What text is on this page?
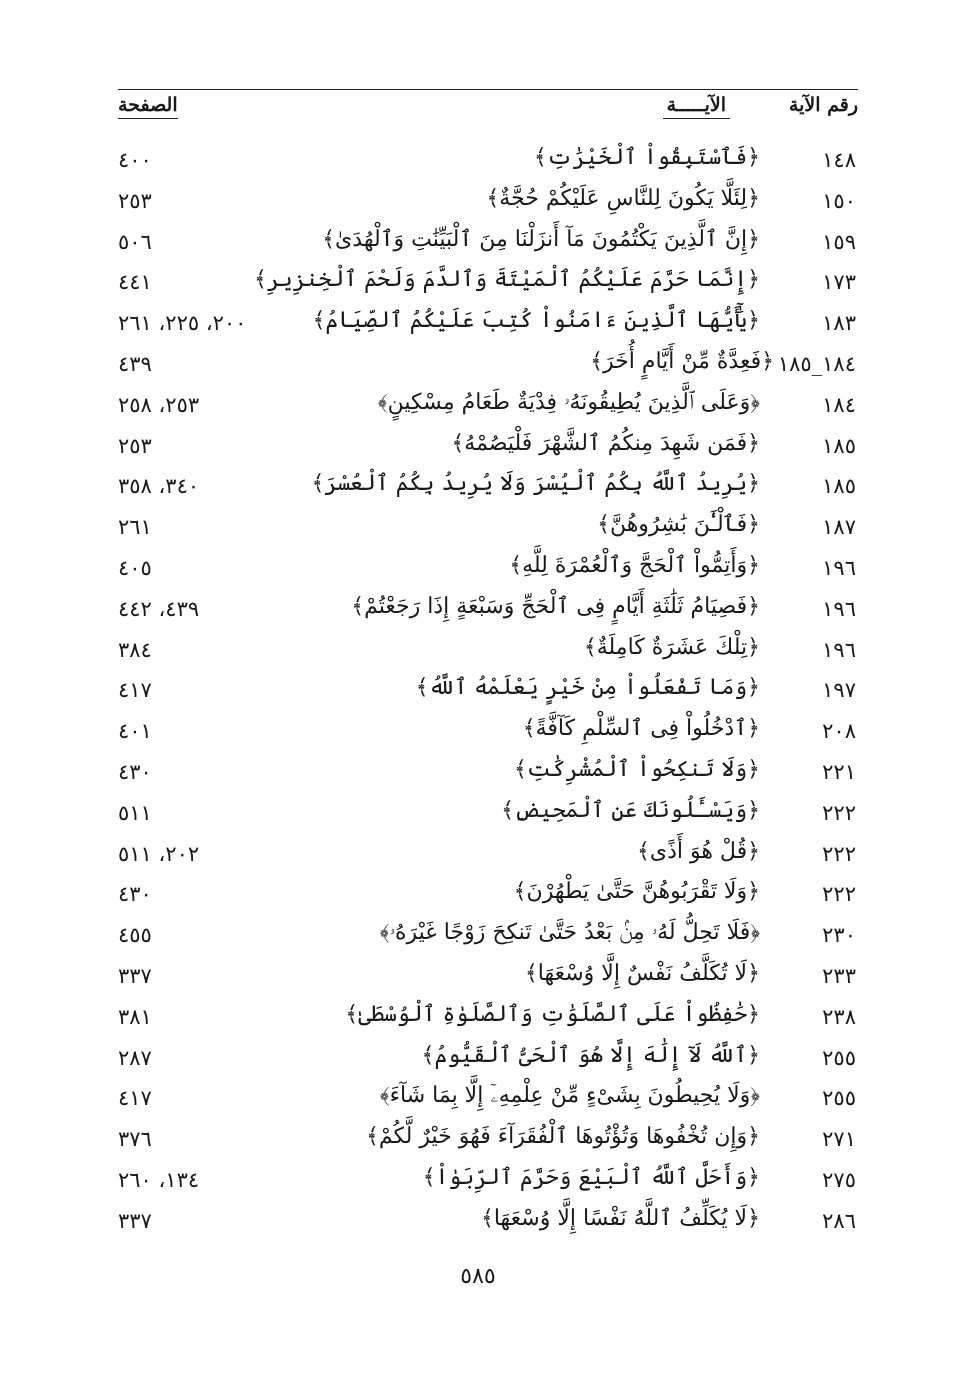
رقم الآية
الآيـــــة
الصفحة
١٤٨
﴿فَٱسْتَبِقُواْ ٱلْخَيْرَٰتِ﴾
٤٠٠
١٥٠
﴿لِئَلَّا يَكُونَ لِلنَّاسِ عَلَيْكُمْ حُجَّةٌ﴾
٢٥٣
١٥٩
﴿إِنَّ ٱلَّذِينَ يَكْتُمُونَ مَآ أَنزَلْنَا مِنَ ٱلْبَيِّنَٰتِ وَٱلْهُدَىٰ﴾
٥٠٦
١٧٣
﴿إِنَّمَا حَرَّمَ عَلَيْكُمُ ٱلْمَيْتَةَ وَٱلدَّمَ وَلَحْمَ ٱلْخِنزِيرِ﴾
٤٤١
١٨٣
﴿يَٰٓأَيُّهَا ٱلَّذِينَ ءَامَنُواْ كُتِبَ عَلَيْكُمُ ٱلصِّيَامُ﴾
٢٠٠، ٢٢٥، ٢٦١
١٨٤_١٨٥
﴿فَعِدَّةٌ مِّنْ أَيَّامٍ أُخَرَ﴾
٤٣٩
١٨٤
﴿وَعَلَى ٱلَّذِينَ يُطِيقُونَهُۥ فِدْيَةٌ طَعَامُ مِسْكِينٍ﴾
٢٥٣، ٢٥٨
١٨٥
﴿فَمَن شَهِدَ مِنكُمُ ٱلشَّهْرَ فَلْيَصُمْهُ﴾
٢٥٣
١٨٥
﴿يُرِيدُ ٱللَّهُ بِكُمُ ٱلْيُسْرَ وَلَا يُرِيدُ بِكُمُ ٱلْعُسْرَ﴾
٣٤٠، ٣٥٨
١٨٧
﴿فَٱلْـَٰٔنَ بَٰشِرُوهُنَّ﴾
٢٦١
١٩٦
﴿وَأَتِمُّواْ ٱلْحَجَّ وَٱلْعُمْرَةَ لِلَّهِ﴾
٤٠٥
١٩٦
﴿فَصِيَامُ ثَلَٰثَةِ أَيَّامٍ فِى ٱلْحَجِّ وَسَبْعَةٍ إِذَا رَجَعْتُمْ﴾
٤٣٩، ٤٤٢
١٩٦
﴿تِلْكَ عَشَرَةٌ كَامِلَةٌ﴾
٣٨٤
١٩٧
﴿وَمَا تَفْعَلُواْ مِنْ خَيْرٍ يَعْلَمْهُ ٱللَّهُ﴾
٤١٧
٢٠٨
﴿ٱدْخُلُواْ فِى ٱلسِّلْمِ كَآفَّةً﴾
٤٠١
٢٢١
﴿وَلَا تَنكِحُواْ ٱلْمُشْرِكَٰتِ﴾
٤٣٠
٢٢٢
﴿وَيَسْـَٔلُونَكَ عَنِ ٱلْمَحِيضِ﴾
٥١١
٢٢٢
﴿قُلْ هُوَ أَذًى﴾
٢٠٢، ٥١١
٢٢٢
﴿وَلَا تَقْرَبُوهُنَّ حَتَّىٰ يَطْهُرْنَ﴾
٤٣٠
٢٣٠
﴿فَلَا تَحِلُّ لَهُۥ مِنۢ بَعْدُ حَتَّىٰ تَنكِحَ زَوْجًا غَيْرَهُۥ﴾
٤٥٥
٢٣٣
﴿لَا تُكَلَّفُ نَفْسٌ إِلَّا وُسْعَهَا﴾
٣٣٧
٢٣٨
﴿حَٰفِظُواْ عَلَى ٱلصَّلَوَٰتِ وَٱلصَّلَوٰةِ ٱلْوُسْطَىٰ﴾
٣٨١
٢٥٥
﴿ٱللَّهُ لَآ إِلَٰهَ إِلَّا هُوَ ٱلْحَىُّ ٱلْقَيُّومُ﴾
٢٨٧
٢٥٥
﴿وَلَا يُحِيطُونَ بِشَىْءٍ مِّنْ عِلْمِهِۦٓ إِلَّا بِمَا شَآءَ﴾
٤١٧
٢٧١
﴿وَإِن تُخْفُوهَا وَتُؤْتُوهَا ٱلْفُقَرَآءَ فَهُوَ خَيْرٌ لَّكُمْ﴾
٣٧٦
٢٧٥
﴿وَأَحَلَّ ٱللَّهُ ٱلْبَيْعَ وَحَرَّمَ ٱلرِّبَوٰاْ﴾
١٣٤، ٢٦٠
٢٨٦
﴿لَا يُكَلِّفُ ٱللَّهُ نَفْسًا إِلَّا وُسْعَهَا﴾
٣٣٧
٥٨٥
